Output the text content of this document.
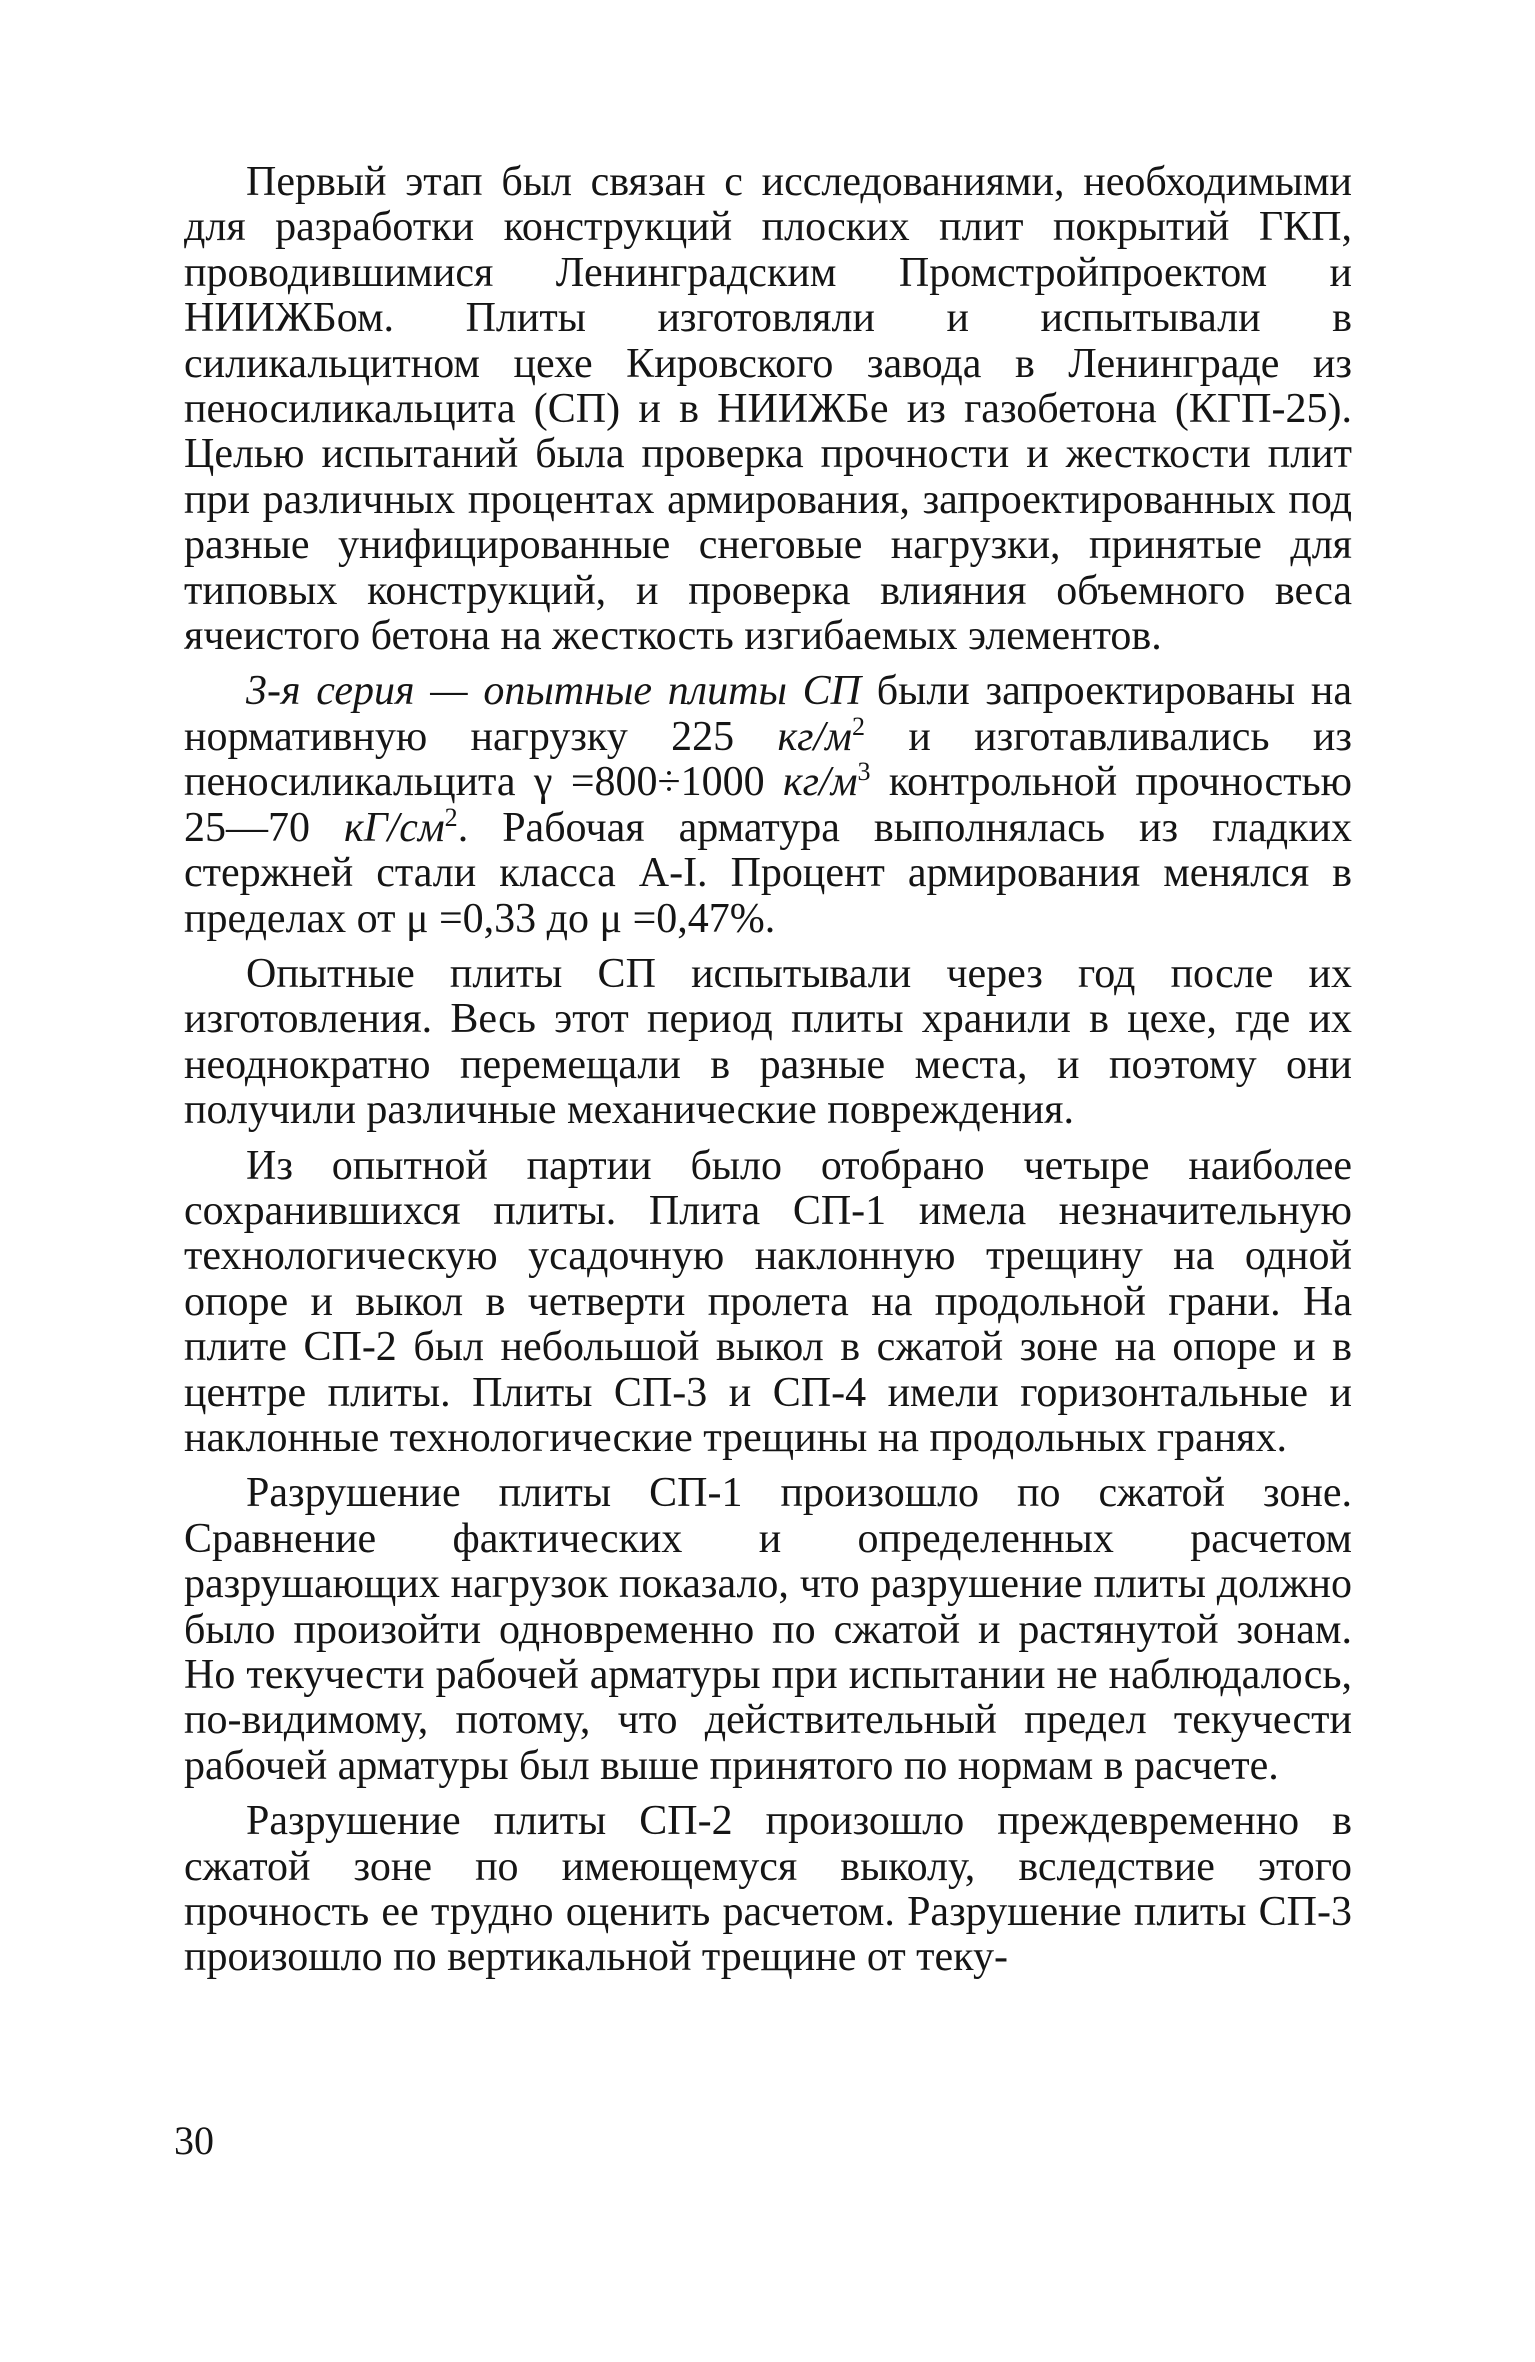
Первый этап был связан с исследованиями, необходимыми для разработки конструкций плоских плит покрытий ГКП, проводившимися Ленинградским Промстройпроектом и НИИЖБом. Плиты изготовляли и испытывали в силикальцитном цехе Кировского завода в Ленинграде из пеносиликальцита (СП) и в НИИЖБе из газобетона (КГП-25). Целью испытаний была проверка прочности и жесткости плит при различных процентах армирования, запроектированных под разные унифицированные снеговые нагрузки, принятые для типовых конструкций, и проверка влияния объемного веса ячеистого бетона на жесткость изгибаемых элементов.

3-я серия — опытные плиты СП были запроектированы на нормативную нагрузку 225 $кг/м^2$ и изготавливались из пеносиликальцита γ =800÷1000 $кг/м^3$ контрольной прочностью 25—70 $кГ/см^2$. Рабочая арматура выполнялась из гладких стержней стали класса A-I. Процент армирования менялся в пределах от μ =0,33 до μ =0,47%.

Опытные плиты СП испытывали через год после их изготовления. Весь этот период плиты хранили в цехе, где их неоднократно перемещали в разные места, и поэтому они получили различные механические повреждения.

Из опытной партии было отобрано четыре наиболее сохранившихся плиты. Плита СП-1 имела незначительную технологическую усадочную наклонную трещину на одной опоре и выкол в четверти пролета на продольной грани. На плите СП-2 был небольшой выкол в сжатой зоне на опоре и в центре плиты. Плиты СП-3 и СП-4 имели горизонтальные и наклонные технологические трещины на продольных гранях.

Разрушение плиты СП-1 произошло по сжатой зоне. Сравнение фактических и определенных расчетом разрушающих нагрузок показало, что разрушение плиты должно было произойти одновременно по сжатой и растянутой зонам. Но текучести рабочей арматуры при испытании не наблюдалось, по-видимому, потому, что действительный предел текучести рабочей арматуры был выше принятого по нормам в расчете.

Разрушение плиты СП-2 произошло преждевременно в сжатой зоне по имеющемуся выколу, вследствие этого прочность ее трудно оценить расчетом. Разрушение плиты СП-3 произошло по вертикальной трещине от теку-

30
